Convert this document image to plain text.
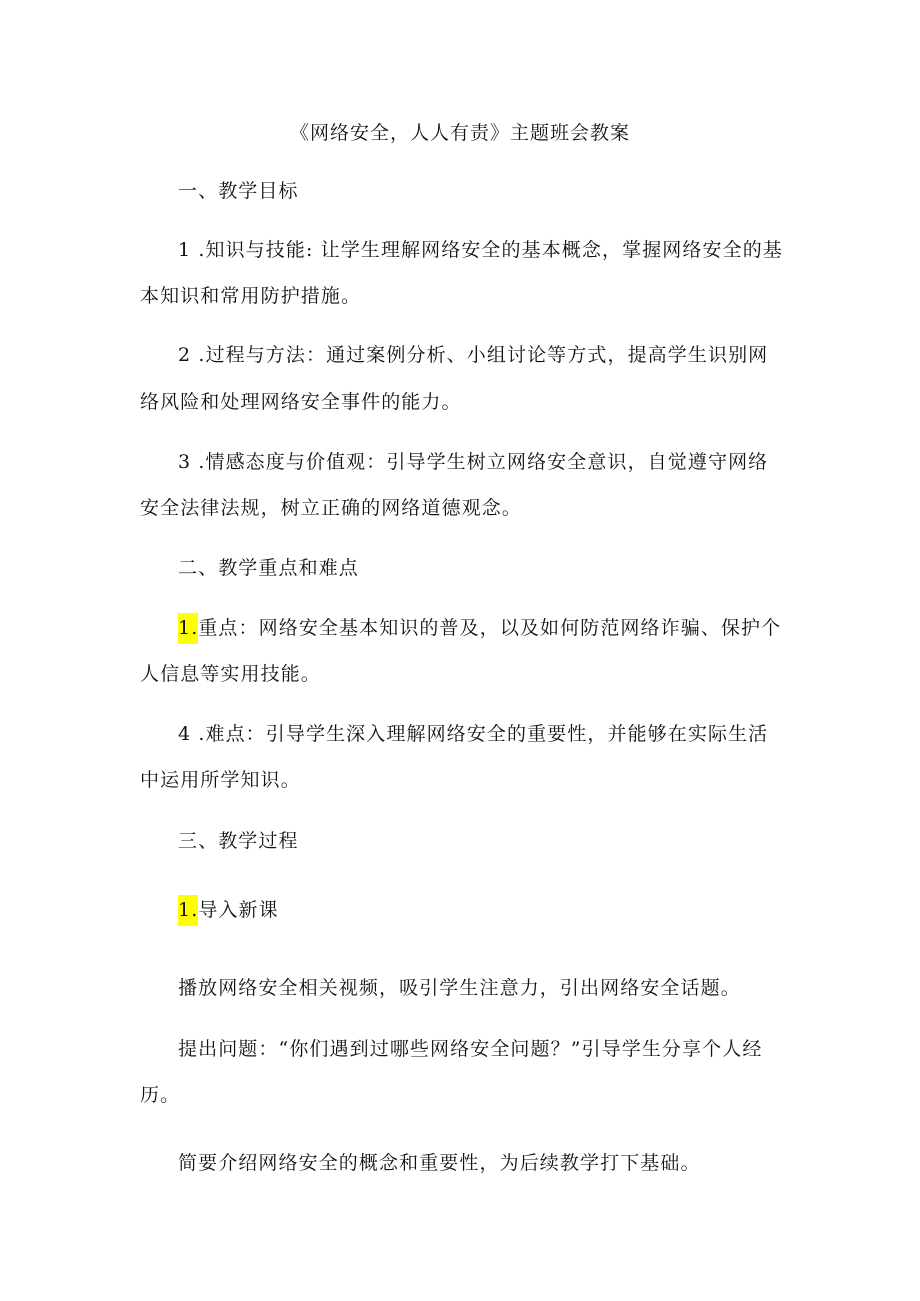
《网络安全，人人有责》主题班会教案
一、教学目标
1 .知识与技能: 让学生理解网络安全的基本概念，掌握网络安全的基
本知识和常用防护措施。
2 .过程与方法：通过案例分析、小组讨论等方式，提高学生识别网
络风险和处理网络安全事件的能力。
3 .情感态度与价值观：引导学生树立网络安全意识，自觉遵守网络
安全法律法规，树立正确的网络道德观念。
二、教学重点和难点
1.重点：网络安全基本知识的普及，以及如何防范网络诈骗、保护个
人信息等实用技能。
4 .难点：引导学生深入理解网络安全的重要性，并能够在实际生活
中运用所学知识。
三、教学过程
1.导入新课
播放网络安全相关视频，吸引学生注意力，引出网络安全话题。
提出问题：“你们遇到过哪些网络安全问题？”引导学生分享个人经
历。
简要介绍网络安全的概念和重要性，为后续教学打下基础。
